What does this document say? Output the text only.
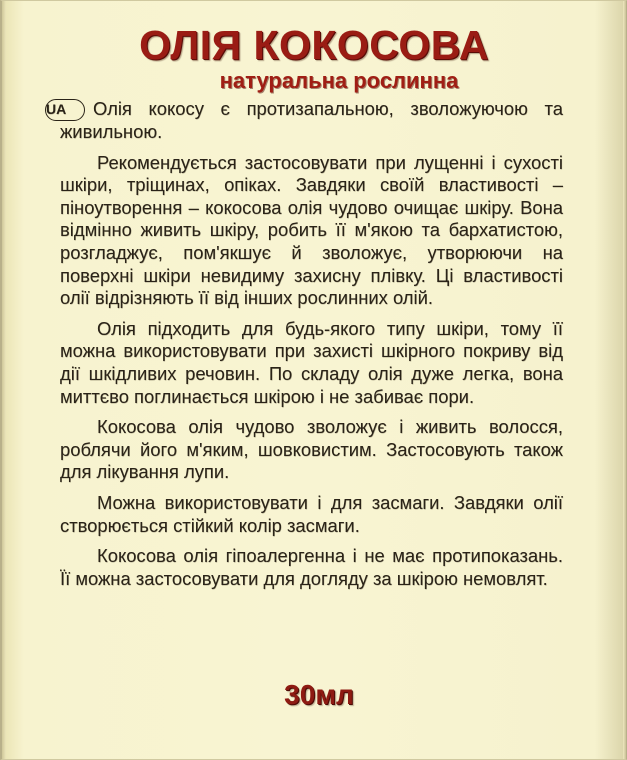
ОЛІЯ КОКОСОВА
натуральна рослинна

UA Олія кокосу є протизапальною, зволожуючою та живильною.

Рекомендується застосовувати при лущенні і сухості шкіри, тріщинах, опіках. Завдяки своїй властивості – піноутворення – кокосова олія чудово очищає шкіру. Вона відмінно живить шкіру, робить її м'якою та бархатистою, розгладжує, пом'якшує й зволожує, утворюючи на поверхні шкіри невидиму захисну плівку. Ці властивості олії відрізняють її від інших рослинних олій.

Олія підходить для будь-якого типу шкіри, тому її можна використовувати при захисті шкірного покриву від дії шкідливих речовин. По складу олія дуже легка, вона миттєво поглинається шкірою і не забиває пори.

Кокосова олія чудово зволожує і живить волосся, роблячи його м'яким, шовковистим. Застосовують також для лікування лупи.

Можна використовувати і для засмаги. Завдяки олії створюється стійкий колір засмаги.

Кокосова олія гіпоалергенна і не має протипоказань. Її можна застосовувати для догляду за шкірою немовлят.

30мл
